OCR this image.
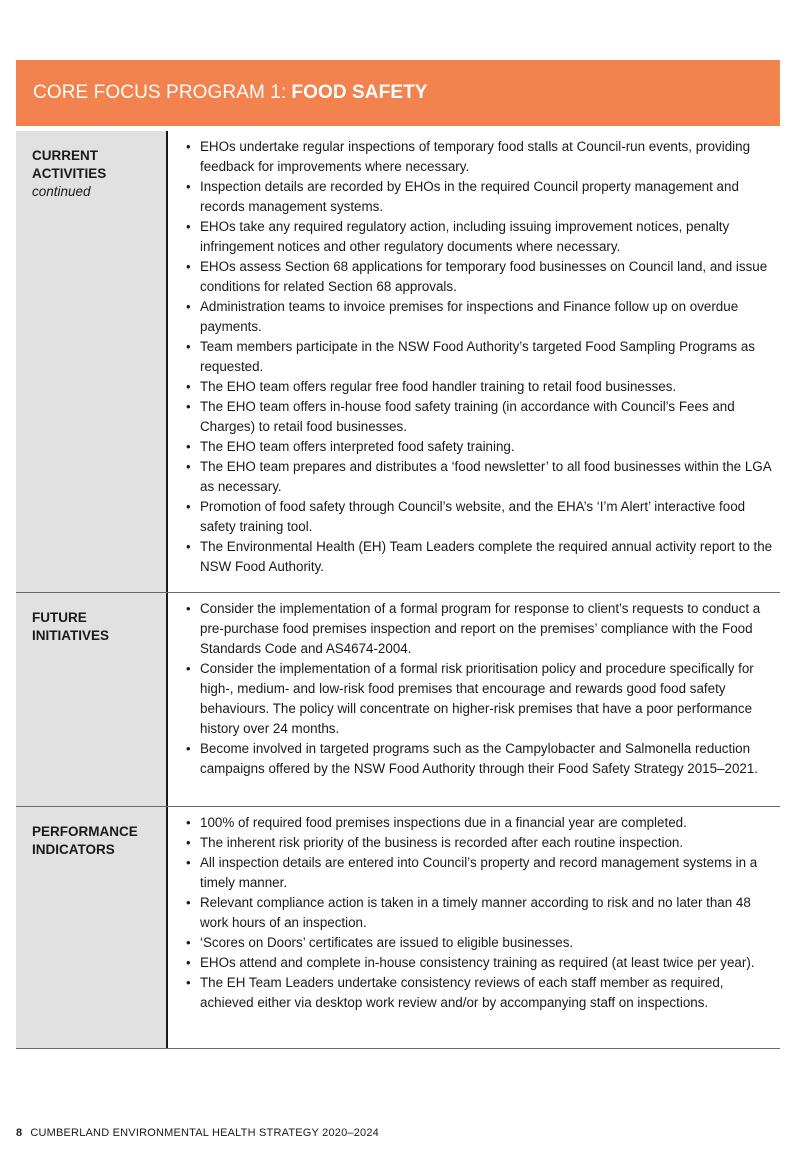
CORE FOCUS PROGRAM 1: FOOD SAFETY
CURRENT
ACTIVITIES
continued
• EHOs undertake regular inspections of temporary food stalls at Council-run events, providing feedback for improvements where necessary.
• Inspection details are recorded by EHOs in the required Council property management and records management systems.
• EHOs take any required regulatory action, including issuing improvement notices, penalty infringement notices and other regulatory documents where necessary.
• EHOs assess Section 68 applications for temporary food businesses on Council land, and issue conditions for related Section 68 approvals.
• Administration teams to invoice premises for inspections and Finance follow up on overdue payments.
• Team members participate in the NSW Food Authority’s targeted Food Sampling Programs as requested.
• The EHO team offers regular free food handler training to retail food businesses.
• The EHO team offers in-house food safety training (in accordance with Council’s Fees and Charges) to retail food businesses.
• The EHO team offers interpreted food safety training.
• The EHO team prepares and distributes a ‘food newsletter’ to all food businesses within the LGA as necessary.
• Promotion of food safety through Council’s website, and the EHA’s ‘I’m Alert’ interactive food safety training tool.
• The Environmental Health (EH) Team Leaders complete the required annual activity report to the NSW Food Authority.
FUTURE
INITIATIVES
• Consider the implementation of a formal program for response to client’s requests to conduct a pre-purchase food premises inspection and report on the premises’ compliance with the Food Standards Code and AS4674-2004.
• Consider the implementation of a formal risk prioritisation policy and procedure specifically for high-, medium- and low-risk food premises that encourage and rewards good food safety behaviours. The policy will concentrate on higher-risk premises that have a poor performance history over 24 months.
• Become involved in targeted programs such as the Campylobacter and Salmonella reduction campaigns offered by the NSW Food Authority through their Food Safety Strategy 2015–2021.
PERFORMANCE
INDICATORS
• 100% of required food premises inspections due in a financial year are completed.
• The inherent risk priority of the business is recorded after each routine inspection.
• All inspection details are entered into Council’s property and record management systems in a timely manner.
• Relevant compliance action is taken in a timely manner according to risk and no later than 48 work hours of an inspection.
• ‘Scores on Doors’ certificates are issued to eligible businesses.
• EHOs attend and complete in-house consistency training as required (at least twice per year).
• The EH Team Leaders undertake consistency reviews of each staff member as required, achieved either via desktop work review and/or by accompanying staff on inspections.
8 CUMBERLAND ENVIRONMENTAL HEALTH STRATEGY 2020–2024
